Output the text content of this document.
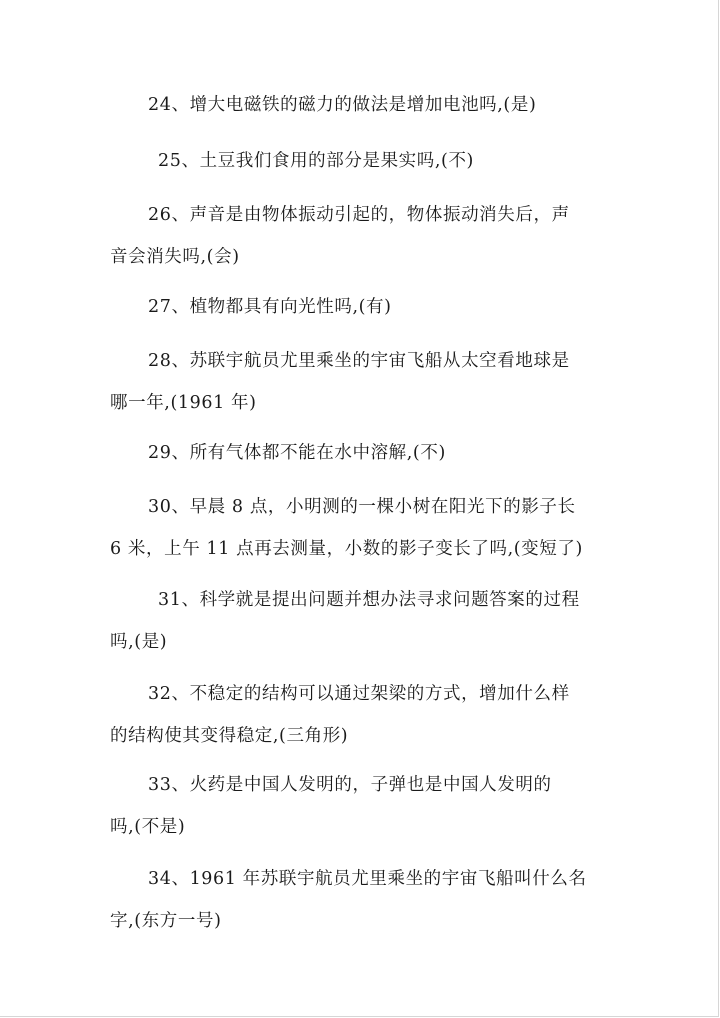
24、增大电磁铁的磁力的做法是增加电池吗,(是)
25、土豆我们食用的部分是果实吗,(不)
26、声音是由物体振动引起的，物体振动消失后，声
音会消失吗,(会)
27、植物都具有向光性吗,(有)
28、苏联宇航员尤里乘坐的宇宙飞船从太空看地球是
哪一年,(1961 年)
29、所有气体都不能在水中溶解,(不)
30、早晨 8 点，小明测的一棵小树在阳光下的影子长
6 米，上午 11 点再去测量，小数的影子变长了吗,(变短了)
31、科学就是提出问题并想办法寻求问题答案的过程
吗,(是)
32、不稳定的结构可以通过架梁的方式，增加什么样
的结构使其变得稳定,(三角形)
33、火药是中国人发明的，子弹也是中国人发明的
吗,(不是)
34、1961 年苏联宇航员尤里乘坐的宇宙飞船叫什么名
字,(东方一号)
